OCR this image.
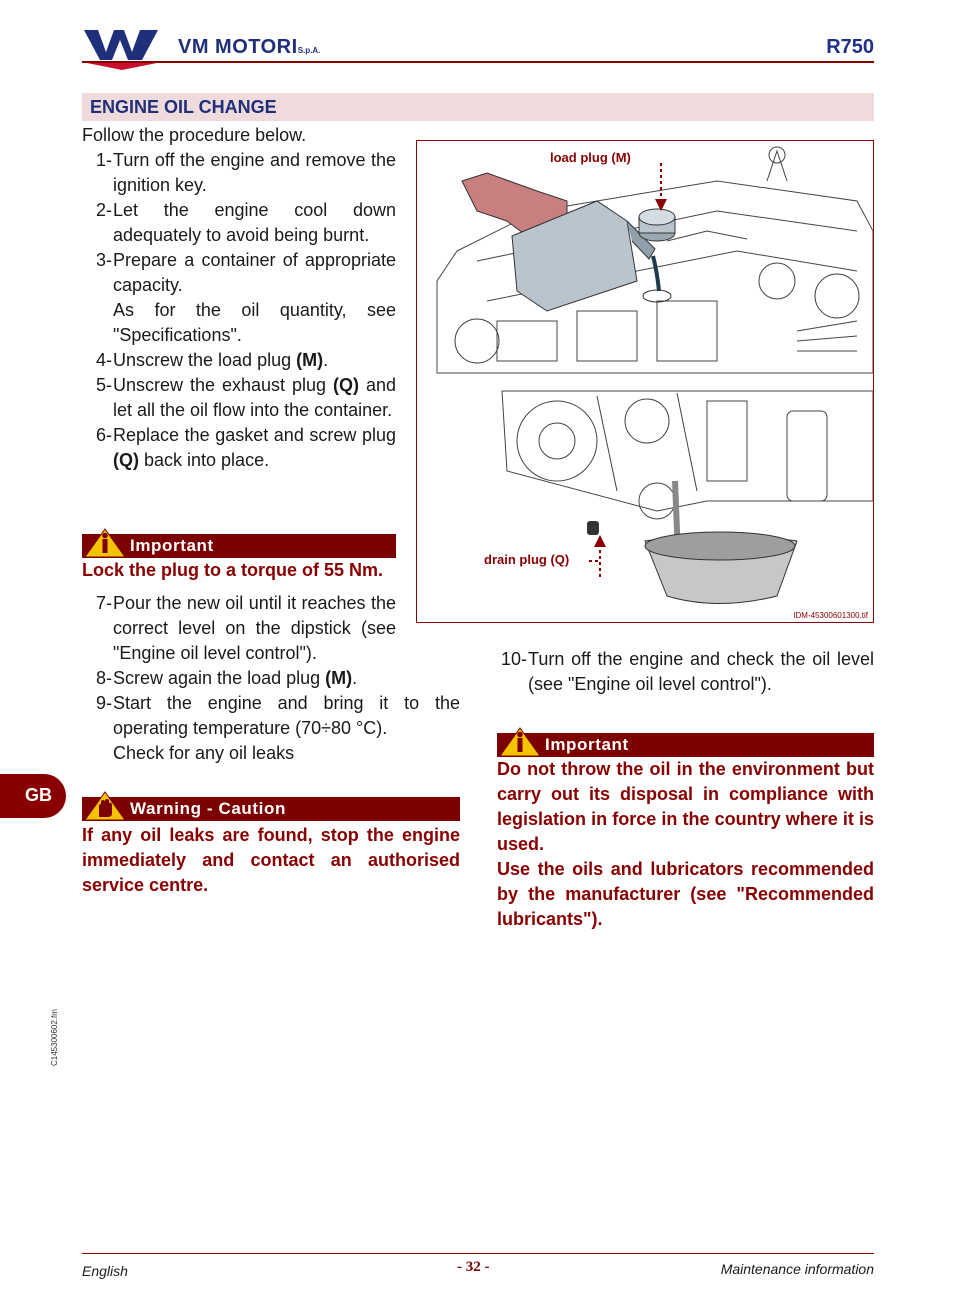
VM MOTORIS.p.A.	R750
ENGINE OIL CHANGE
Follow the procedure below.
1- Turn off the engine and remove the ignition key.
2- Let the engine cool down adequately to avoid being burnt.
3- Prepare a container of appropriate capacity.
As for the oil quantity, see "Specifications".
4- Unscrew the load plug (M).
5- Unscrew the exhaust plug (Q) and let all the oil flow into the container.
6- Replace the gasket and screw plug (Q) back into place.
Important
Lock the plug to a torque of 55 Nm.
7- Pour the new oil until it reaches the correct level on the dipstick (see "Engine oil level control").
8- Screw again the load plug (M).
9- Start the engine and bring it to the operating temperature (70÷80 °C).
Check for any oil leaks
Warning - Caution
If any oil leaks are found, stop the engine immediately and contact an authorised service centre.
load plug (M)
drain plug (Q)
IDM-45300601300.tif
10- Turn off the engine and check the oil level (see "Engine oil level control").
Important
Do not throw the oil in the environment but carry out its disposal in compliance with legislation in force in the country where it is used.
Use the oils and lubricators recommended by the manufacturer (see "Recommended lubricants").
GB
C145300602.fm
English	- 32 -	Maintenance information
